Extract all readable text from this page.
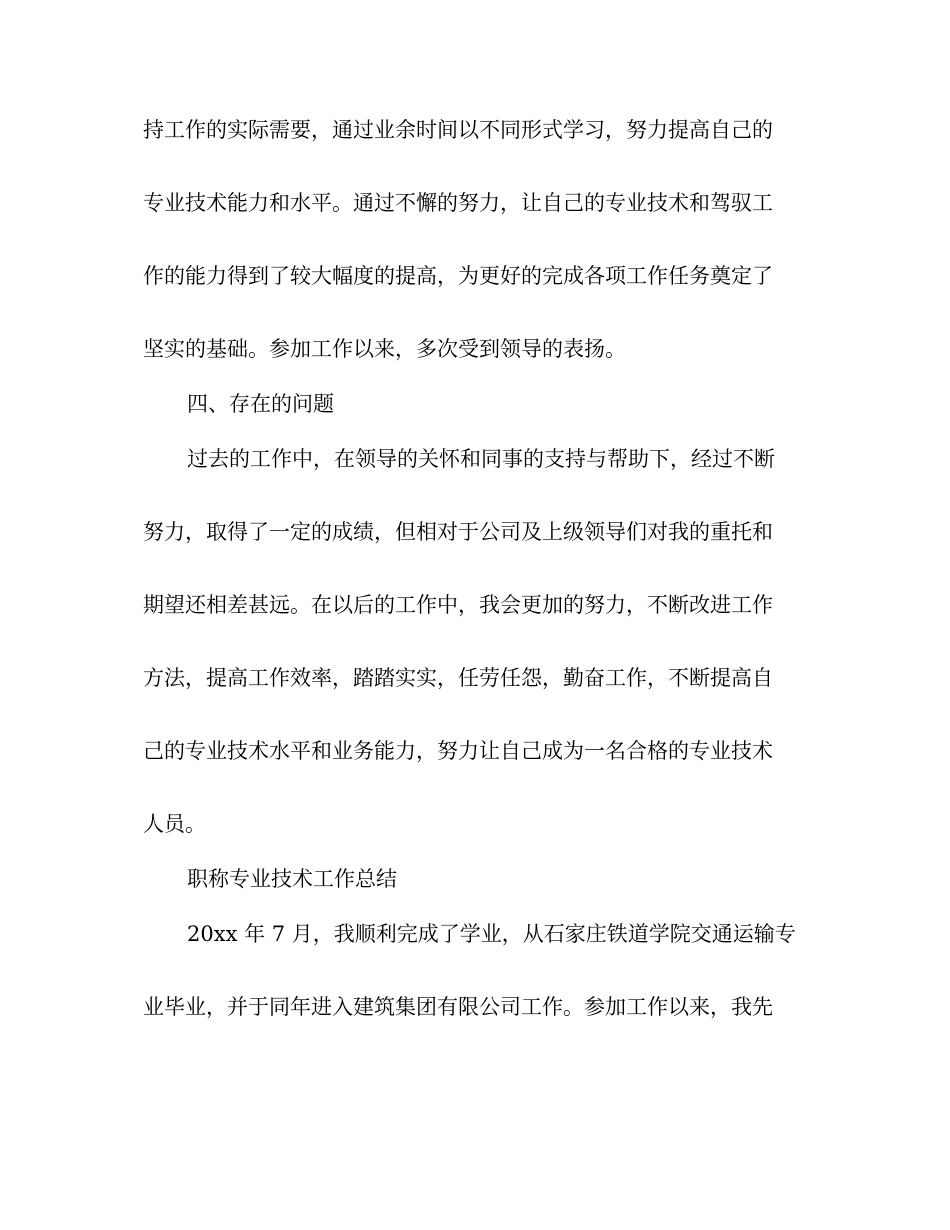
持工作的实际需要，通过业余时间以不同形式学习，努力提高自己的
专业技术能力和水平。通过不懈的努力，让自己的专业技术和驾驭工
作的能力得到了较大幅度的提高，为更好的完成各项工作任务奠定了
坚实的基础。参加工作以来，多次受到领导的表扬。
四、存在的问题
过去的工作中，在领导的关怀和同事的支持与帮助下，经过不断
努力，取得了一定的成绩，但相对于公司及上级领导们对我的重托和
期望还相差甚远。在以后的工作中，我会更加的努力，不断改进工作
方法，提高工作效率，踏踏实实，任劳任怨，勤奋工作，不断提高自
己的专业技术水平和业务能力，努力让自己成为一名合格的专业技术
人员。
职称专业技术工作总结
20xx 年 7 月，我顺利完成了学业，从石家庄铁道学院交通运输专
业毕业，并于同年进入建筑集团有限公司工作。参加工作以来，我先
